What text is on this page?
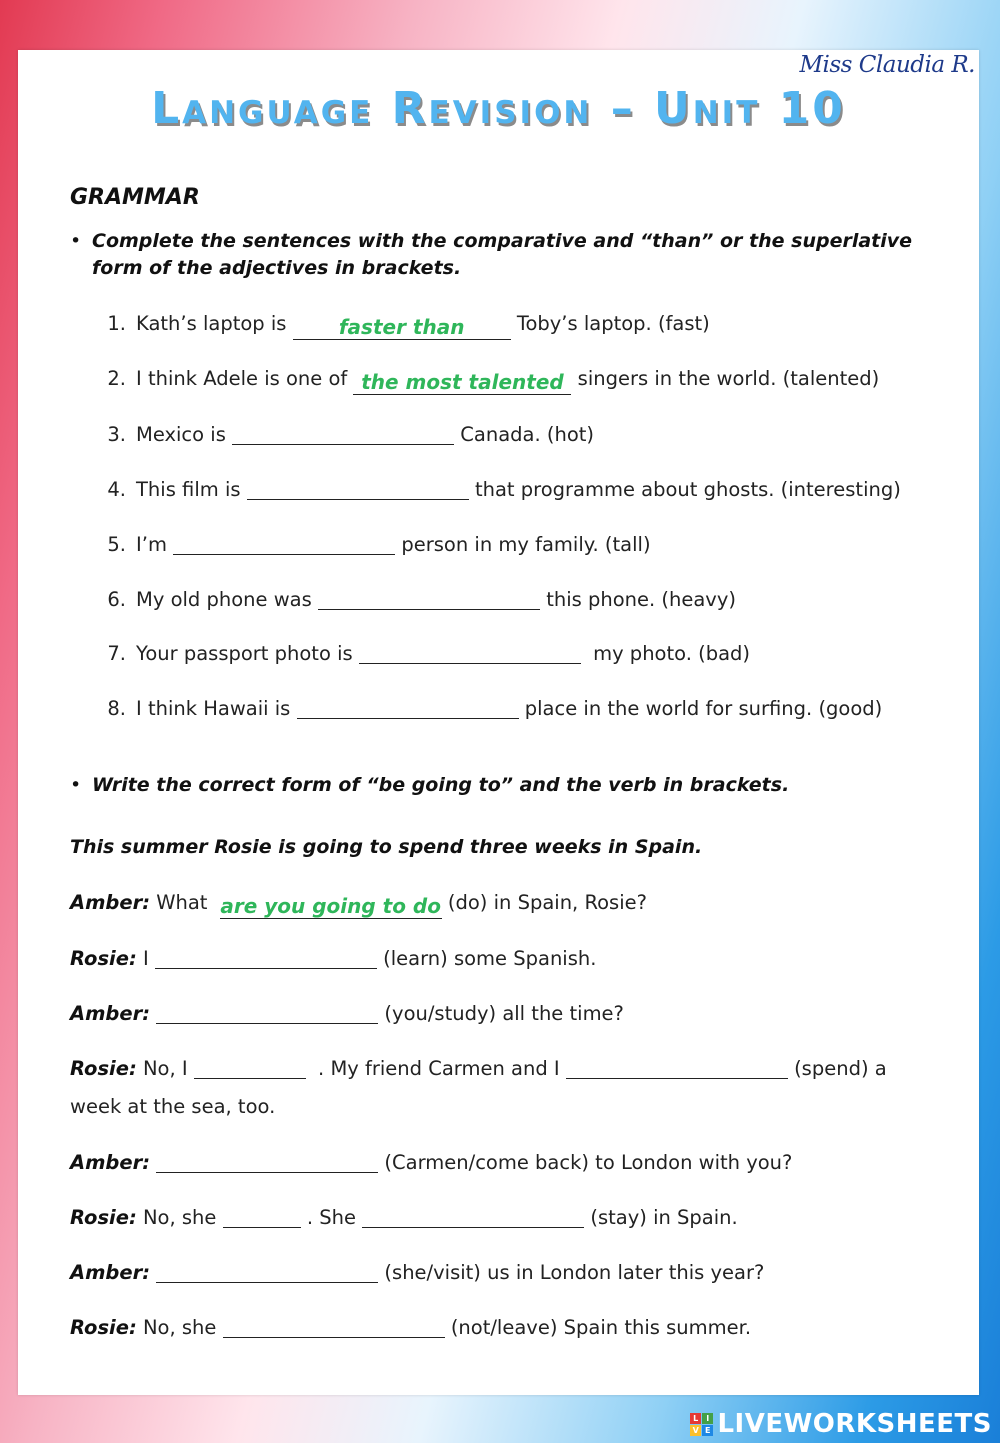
Miss Claudia R.
Language Revision – Unit 10
GRAMMAR
• Complete the sentences with the comparative and “than” or the superlative form of the adjectives in brackets.
1. Kath’s laptop is	faster than	Toby’s laptop. (fast)
2. I think Adele is one of the most talented singers in the world. (talented)
3. Mexico is	Canada. (hot)
4. This film is	that programme about ghosts. (interesting)
5. I’m	person in my family. (tall)
6. My old phone was	this phone. (heavy)
7. Your passport photo is	my photo. (bad)
8. I think Hawaii is	place in the world for surfing. (good)
• Write the correct form of “be going to” and the verb in brackets.
This summer Rosie is going to spend three weeks in Spain.
Amber: What are you going to do (do) in Spain, Rosie?
Rosie: I	(learn) some Spanish.
Amber:	(you/study) all the time?
Rosie: No, I	. My friend Carmen and I	(spend) a
week at the sea, too.
Amber:	(Carmen/come back) to London with you?
Rosie: No, she	. She	(stay) in Spain.
Amber:	(she/visit) us in London later this year?
Rosie: No, she	(not/leave) Spain this summer.
L I
V E LIVEWORKSHEETS
